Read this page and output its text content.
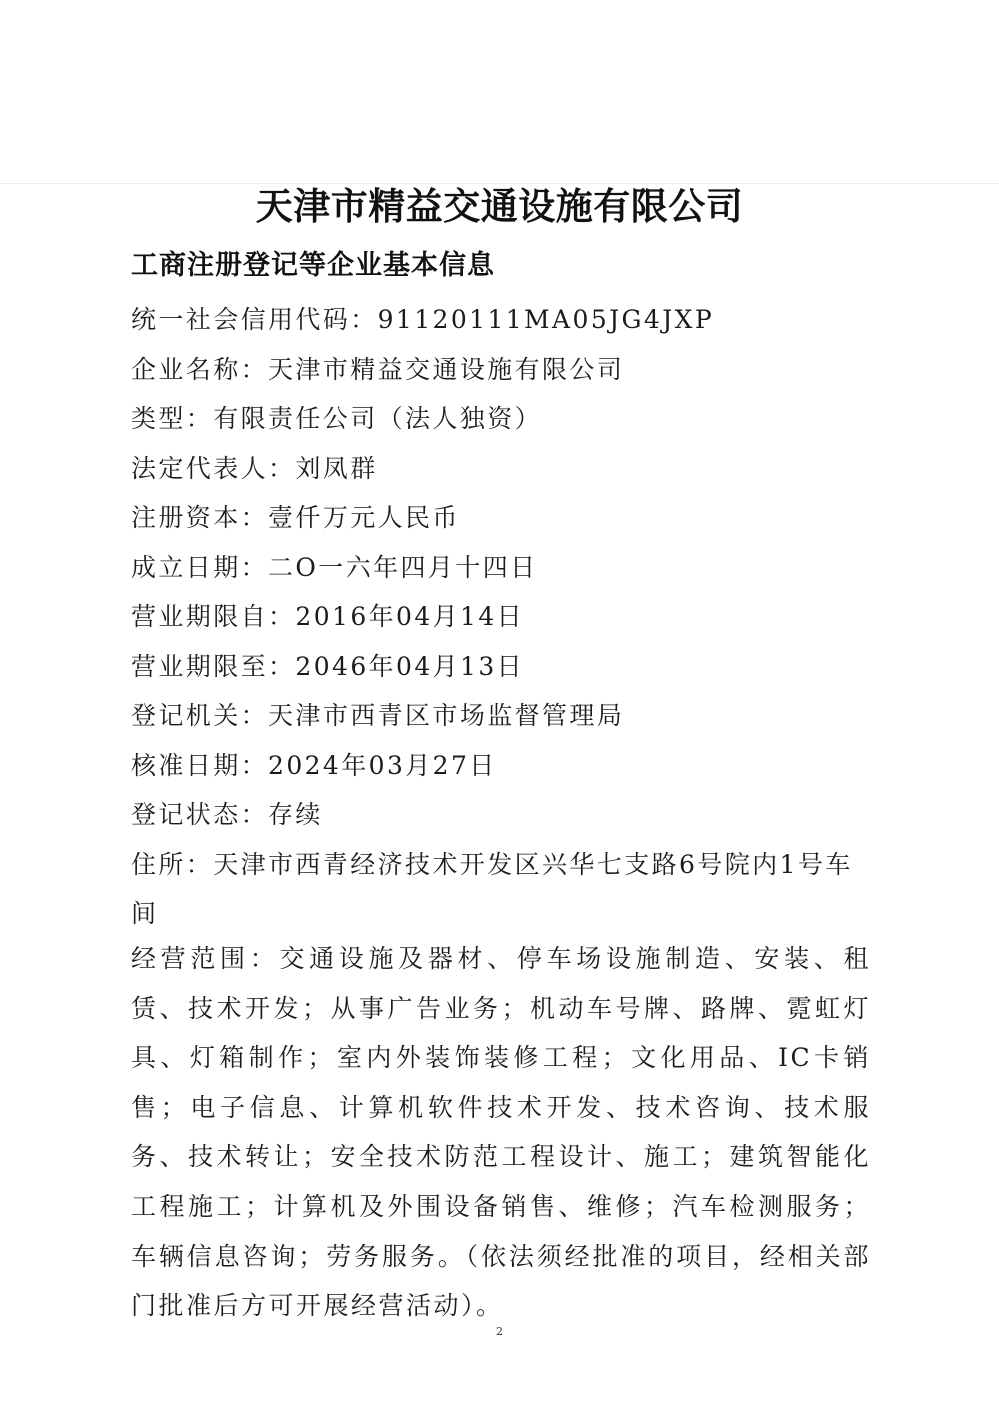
天津市精益交通设施有限公司
工商注册登记等企业基本信息
统一社会信用代码：91120111MA05JG4JXP
企业名称：天津市精益交通设施有限公司
类型：有限责任公司（法人独资）
法定代表人：刘凤群
注册资本：壹仟万元人民币
成立日期：二O一六年四月十四日
营业期限自：2016年04月14日
营业期限至：2046年04月13日
登记机关：天津市西青区市场监督管理局
核准日期：2024年03月27日
登记状态：存续
住所：天津市西青经济技术开发区兴华七支路6号院内1号车间
经营范围：交通设施及器材、停车场设施制造、安装、租赁、技术开发；从事广告业务；机动车号牌、路牌、霓虹灯具、灯箱制作；室内外装饰装修工程；文化用品、IC卡销售；电子信息、计算机软件技术开发、技术咨询、技术服务、技术转让；安全技术防范工程设计、施工；建筑智能化工程施工；计算机及外围设备销售、维修；汽车检测服务；车辆信息咨询；劳务服务。（依法须经批准的项目，经相关部门批准后方可开展经营活动）。
2
